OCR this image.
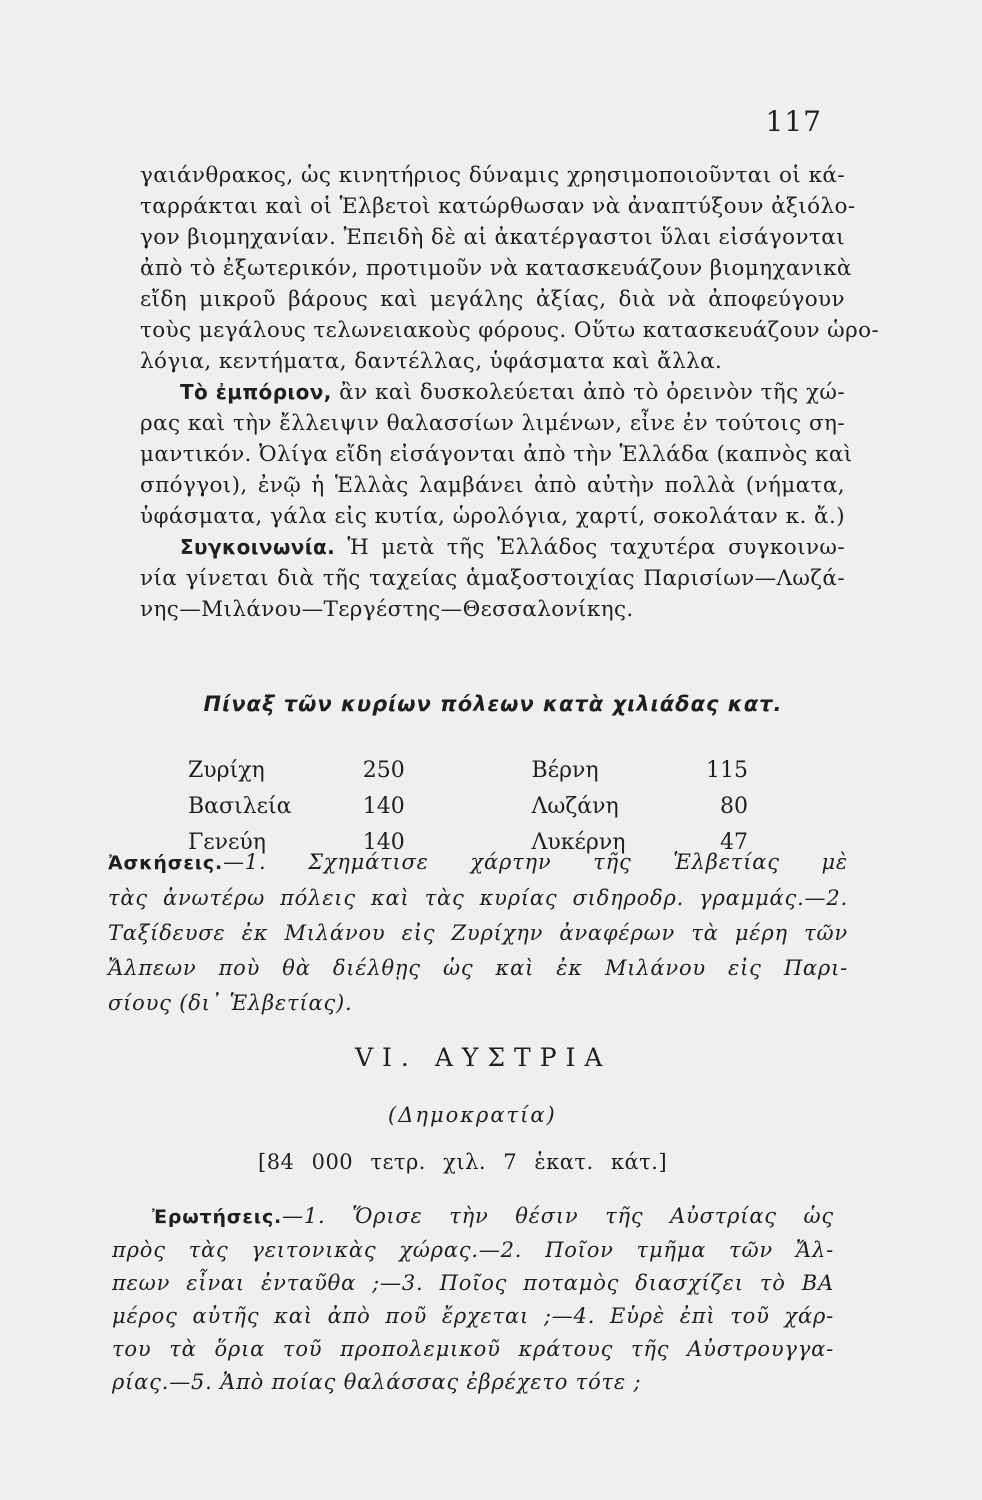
117
γαιάνθρακος, ὡς κινητήριος δύναμις χρησιμοποιοῦνται οἱ κά-
ταρράκται καὶ οἱ Ἑλβετοὶ κατώρθωσαν νὰ ἀναπτύξουν ἀξιόλο-
γον βιομηχανίαν. Ἐπειδὴ δὲ αἱ ἀκατέργαστοι ὕλαι εἰσάγονται
ἀπὸ τὸ ἐξωτερικόν, προτιμοῦν νὰ κατασκευάζουν βιομηχανικὰ
εἴδη μικροῦ βάρους καὶ μεγάλης ἀξίας, διὰ νὰ ἀποφεύγουν
τοὺς μεγάλους τελωνειακοὺς φόρους. Οὕτω κατασκευάζουν ὡρο-
λόγια, κεντήματα, δαντέλλας, ὑφάσματα καὶ ἄλλα.
Τὸ ἐμπόριον, ἂν καὶ δυσκολεύεται ἀπὸ τὸ ὀρεινὸν τῆς χώ-
ρας καὶ τὴν ἔλλειψιν θαλασσίων λιμένων, εἶνε ἐν τούτοις ση-
μαντικόν. Ὀλίγα εἴδη εἰσάγονται ἀπὸ τὴν Ἑλλάδα (καπνὸς καὶ
σπόγγοι), ἐνῷ ἡ Ἑλλὰς λαμβάνει ἀπὸ αὐτὴν πολλὰ (νήματα,
ὑφάσματα, γάλα εἰς κυτία, ὡρολόγια, χαρτί, σοκολάταν κ. ἄ.)
Συγκοινωνία. Ἡ μετὰ τῆς Ἑλλάδος ταχυτέρα συγκοινω-
νία γίνεται διὰ τῆς ταχείας ἁμαξοστοιχίας Παρισίων—Λωζά-
νης—Μιλάνου—Τεργέστης—Θεσσαλονίκης.
Πίναξ τῶν κυρίων πόλεων κατὰ χιλιάδας κατ.
Ζυρίχη	250	Βέρνη	115
Βασιλεία	140	Λωζάνη	80
Γενεύη	140	Λυκέρνη	47
Ἀσκήσεις.—1. Σχημάτισε χάρτην τῆς Ἑλβετίας μὲ
τὰς ἀνωτέρω πόλεις καὶ τὰς κυρίας σιδηροδρ. γραμμάς.—2.
Ταξίδευσε ἐκ Μιλάνου εἰς Ζυρίχην ἀναφέρων τὰ μέρη τῶν
Ἄλπεων ποὺ θὰ διέλθῃς ὡς καὶ ἐκ Μιλάνου εἰς Παρι-
σίους (δι᾿ Ἑλβετίας).
VI. ΑΥΣΤΡΙΑ
(Δημοκρατία)
[84 000 τετρ. χιλ. 7 ἑκατ. κάτ.]
Ἐρωτήσεις.—1. Ὅρισε τὴν θέσιν τῆς Αὐστρίας ὡς
πρὸς τὰς γειτονικὰς χώρας.—2. Ποῖον τμῆμα τῶν Ἄλ-
πεων εἶναι ἐνταῦθα ;—3. Ποῖος ποταμὸς διασχίζει τὸ ΒΑ
μέρος αὐτῆς καὶ ἀπὸ ποῦ ἔρχεται ;—4. Εὑρὲ ἐπὶ τοῦ χάρ-
του τὰ ὅρια τοῦ προπολεμικοῦ κράτους τῆς Αὐστρουγγα-
ρίας.—5. Ἀπὸ ποίας θαλάσσας ἐβρέχετο τότε ;
